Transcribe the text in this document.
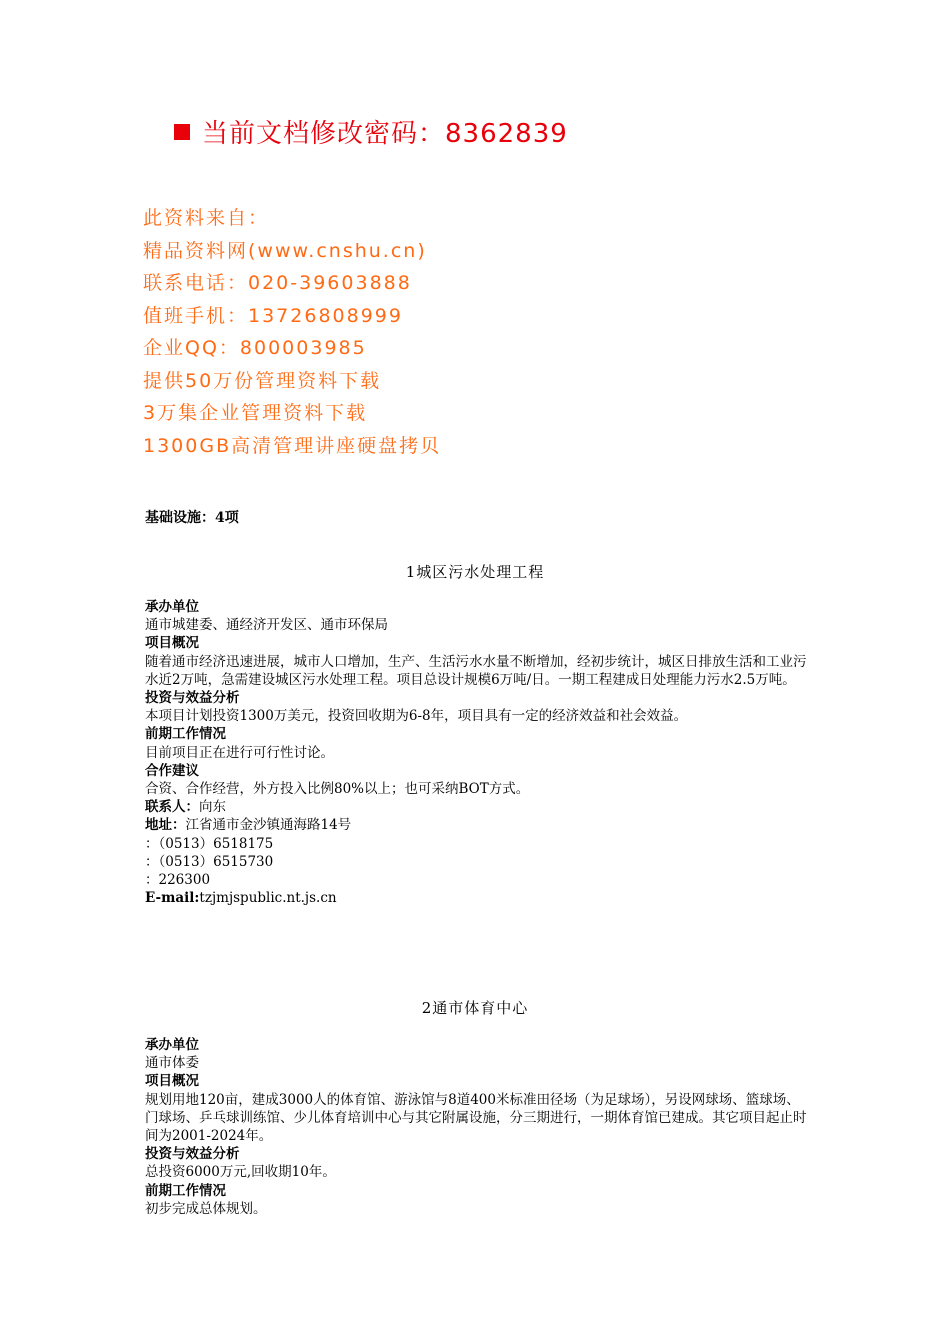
当前文档修改密码：8362839
此资料来自：
精品资料网(www.cnshu.cn)
联系电话：020-39603888
值班手机：13726808999
企业QQ：800003985
提供50万份管理资料下载
3万集企业管理资料下载
1300GB高清管理讲座硬盘拷贝
基础设施：4项
1城区污水处理工程
承办单位
通市城建委、通经济开发区、通市环保局
项目概况
随着通市经济迅速进展，城市人口增加，生产、生活污水水量不断增加，经初步统计，城区日排放生活和工业污水近2万吨，急需建设城区污水处理工程。项目总设计规模6万吨/日。一期工程建成日处理能力污水2.5万吨。
投资与效益分析
本项目计划投资1300万美元，投资回收期为6-8年，项目具有一定的经济效益和社会效益。
前期工作情况
目前项目正在进行可行性讨论。
合作建议
合资、合作经营，外方投入比例80%以上；也可采纳BOT方式。
联系人：向东
地址：江省通市金沙镇通海路14号
：（0513）6518175
：（0513）6515730
：226300
E-mail:tzjmjspublic.nt.js.cn
2通市体育中心
承办单位
通市体委
项目概况
规划用地120亩，建成3000人的体育馆、游泳馆与8道400米标准田径场（为足球场），另设网球场、篮球场、门球场、乒乓球训练馆、少儿体育培训中心与其它附属设施，分三期进行，一期体育馆已建成。其它项目起止时间为2001-2024年。
投资与效益分析
总投资6000万元,回收期10年。
前期工作情况
初步完成总体规划。
